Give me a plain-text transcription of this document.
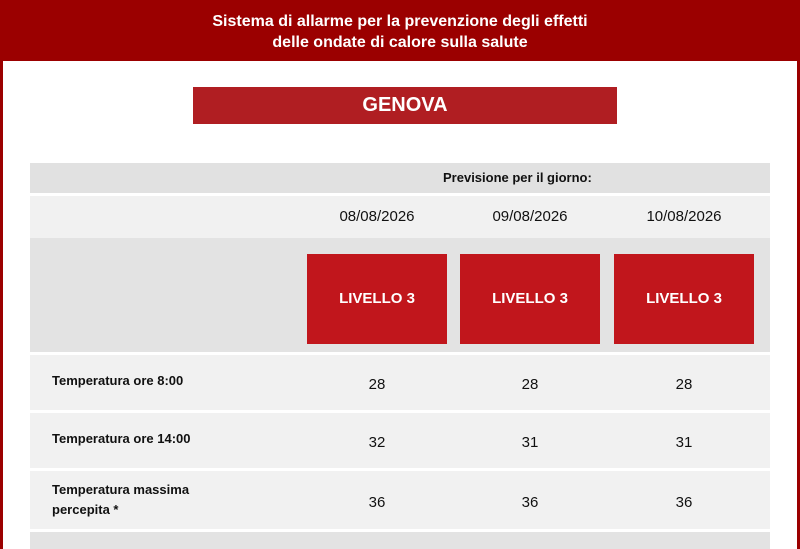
Sistema di allarme per la prevenzione degli effetti
delle ondate di calore sulla salute
GENOVA
Previsione per il giorno:
08/08/2026	09/08/2026	10/08/2026
LIVELLO 3	LIVELLO 3	LIVELLO 3
Temperatura ore 8:00	28	28	28
Temperatura ore 14:00	32	31	31
Temperatura massima
percepita *	36	36	36
